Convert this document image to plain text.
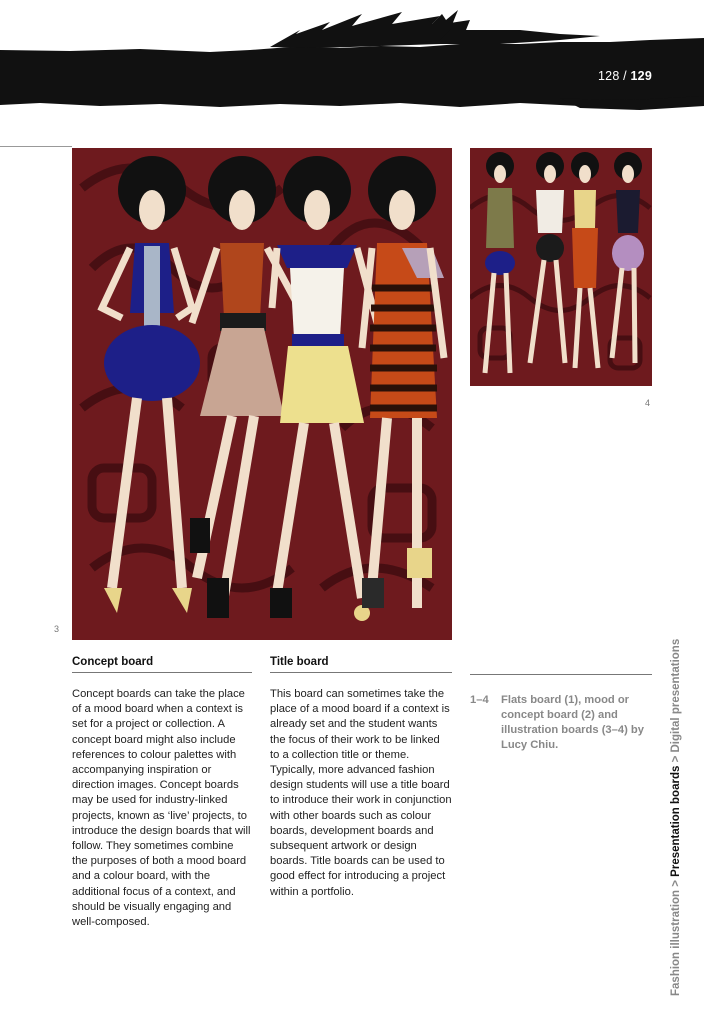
128 / 129
3
4
Concept board

Concept boards can take the place of a mood board when a context is set for a project or collection. A concept board might also include references to colour palettes with accompanying inspiration or direction images. Concept boards may be used for industry-linked projects, known as ‘live’ projects, to introduce the design boards that will follow. They sometimes combine the purposes of both a mood board and a colour board, with the additional focus of a context, and should be visually engaging and well-composed.

Title board

This board can sometimes take the place of a mood board if a context is already set and the student wants the focus of their work to be linked to a collection title or theme. Typically, more advanced fashion design students will use a title board to introduce their work in conjunction with other boards such as colour boards, development boards and subsequent artwork or design boards. Title boards can be used to good effect for introducing a project within a portfolio.

1–4 Flats board (1), mood or concept board (2) and illustration boards (3–4) by Lucy Chiu.
Fashion illustration > Presentation boards > Digital presentations
